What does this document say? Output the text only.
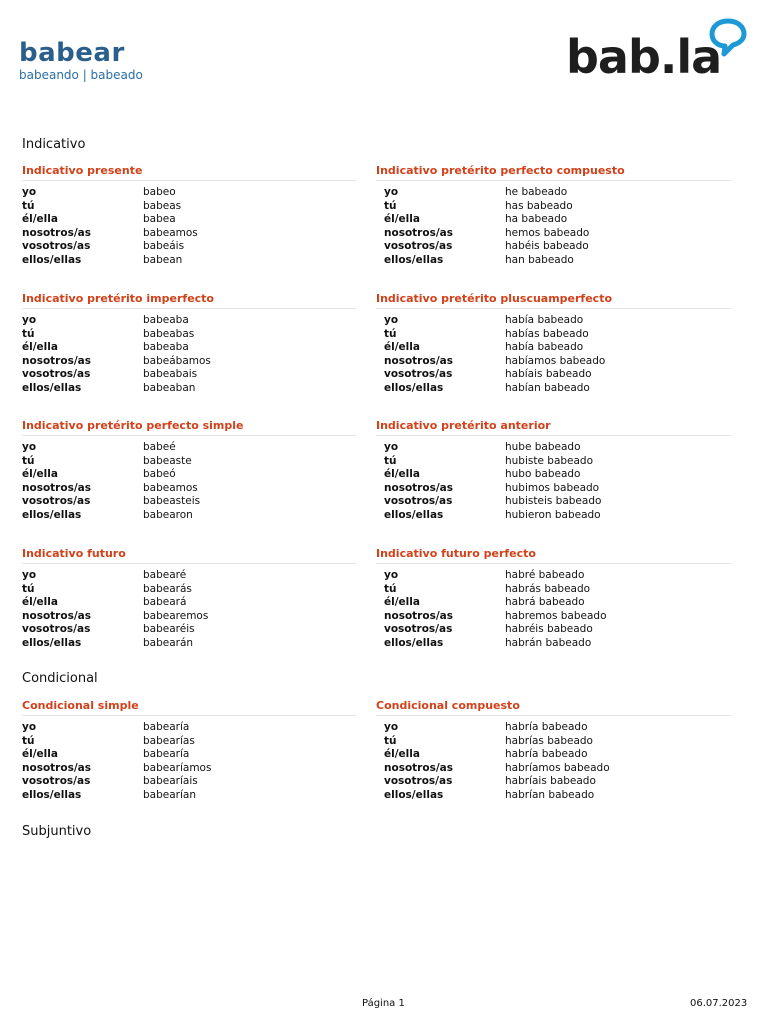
babear
babeando | babeado	bab.la
Indicativo
Condicional
Subjuntivo
Indicativo presente
yo	babeo
tú	babeas
él/ella	babea
nosotros/as	babeamos
vosotros/as	babeáis
ellos/ellas	babean
Indicativo pretérito perfecto compuesto
yo	he babeado
tú	has babeado
él/ella	ha babeado
nosotros/as	hemos babeado
vosotros/as	habéis babeado
ellos/ellas	han babeado
Indicativo pretérito imperfecto
yo	babeaba
tú	babeabas
él/ella	babeaba
nosotros/as	babeábamos
vosotros/as	babeabais
ellos/ellas	babeaban
Indicativo pretérito pluscuamperfecto
yo	había babeado
tú	habías babeado
él/ella	había babeado
nosotros/as	habíamos babeado
vosotros/as	habíais babeado
ellos/ellas	habían babeado
Indicativo pretérito perfecto simple
yo	babeé
tú	babeaste
él/ella	babeó
nosotros/as	babeamos
vosotros/as	babeasteis
ellos/ellas	babearon
Indicativo pretérito anterior
yo	hube babeado
tú	hubiste babeado
él/ella	hubo babeado
nosotros/as	hubimos babeado
vosotros/as	hubisteis babeado
ellos/ellas	hubieron babeado
Indicativo futuro
yo	babearé
tú	babearás
él/ella	babeará
nosotros/as	babearemos
vosotros/as	babearéis
ellos/ellas	babearán
Indicativo futuro perfecto
yo	habré babeado
tú	habrás babeado
él/ella	habrá babeado
nosotros/as	habremos babeado
vosotros/as	habréis babeado
ellos/ellas	habrán babeado
Condicional simple
yo	babearía
tú	babearías
él/ella	babearía
nosotros/as	babearíamos
vosotros/as	babearíais
ellos/ellas	babearían
Condicional compuesto
yo	habría babeado
tú	habrías babeado
él/ella	habría babeado
nosotros/as	habríamos babeado
vosotros/as	habríais babeado
ellos/ellas	habrían babeado
Página 1	06.07.2023
